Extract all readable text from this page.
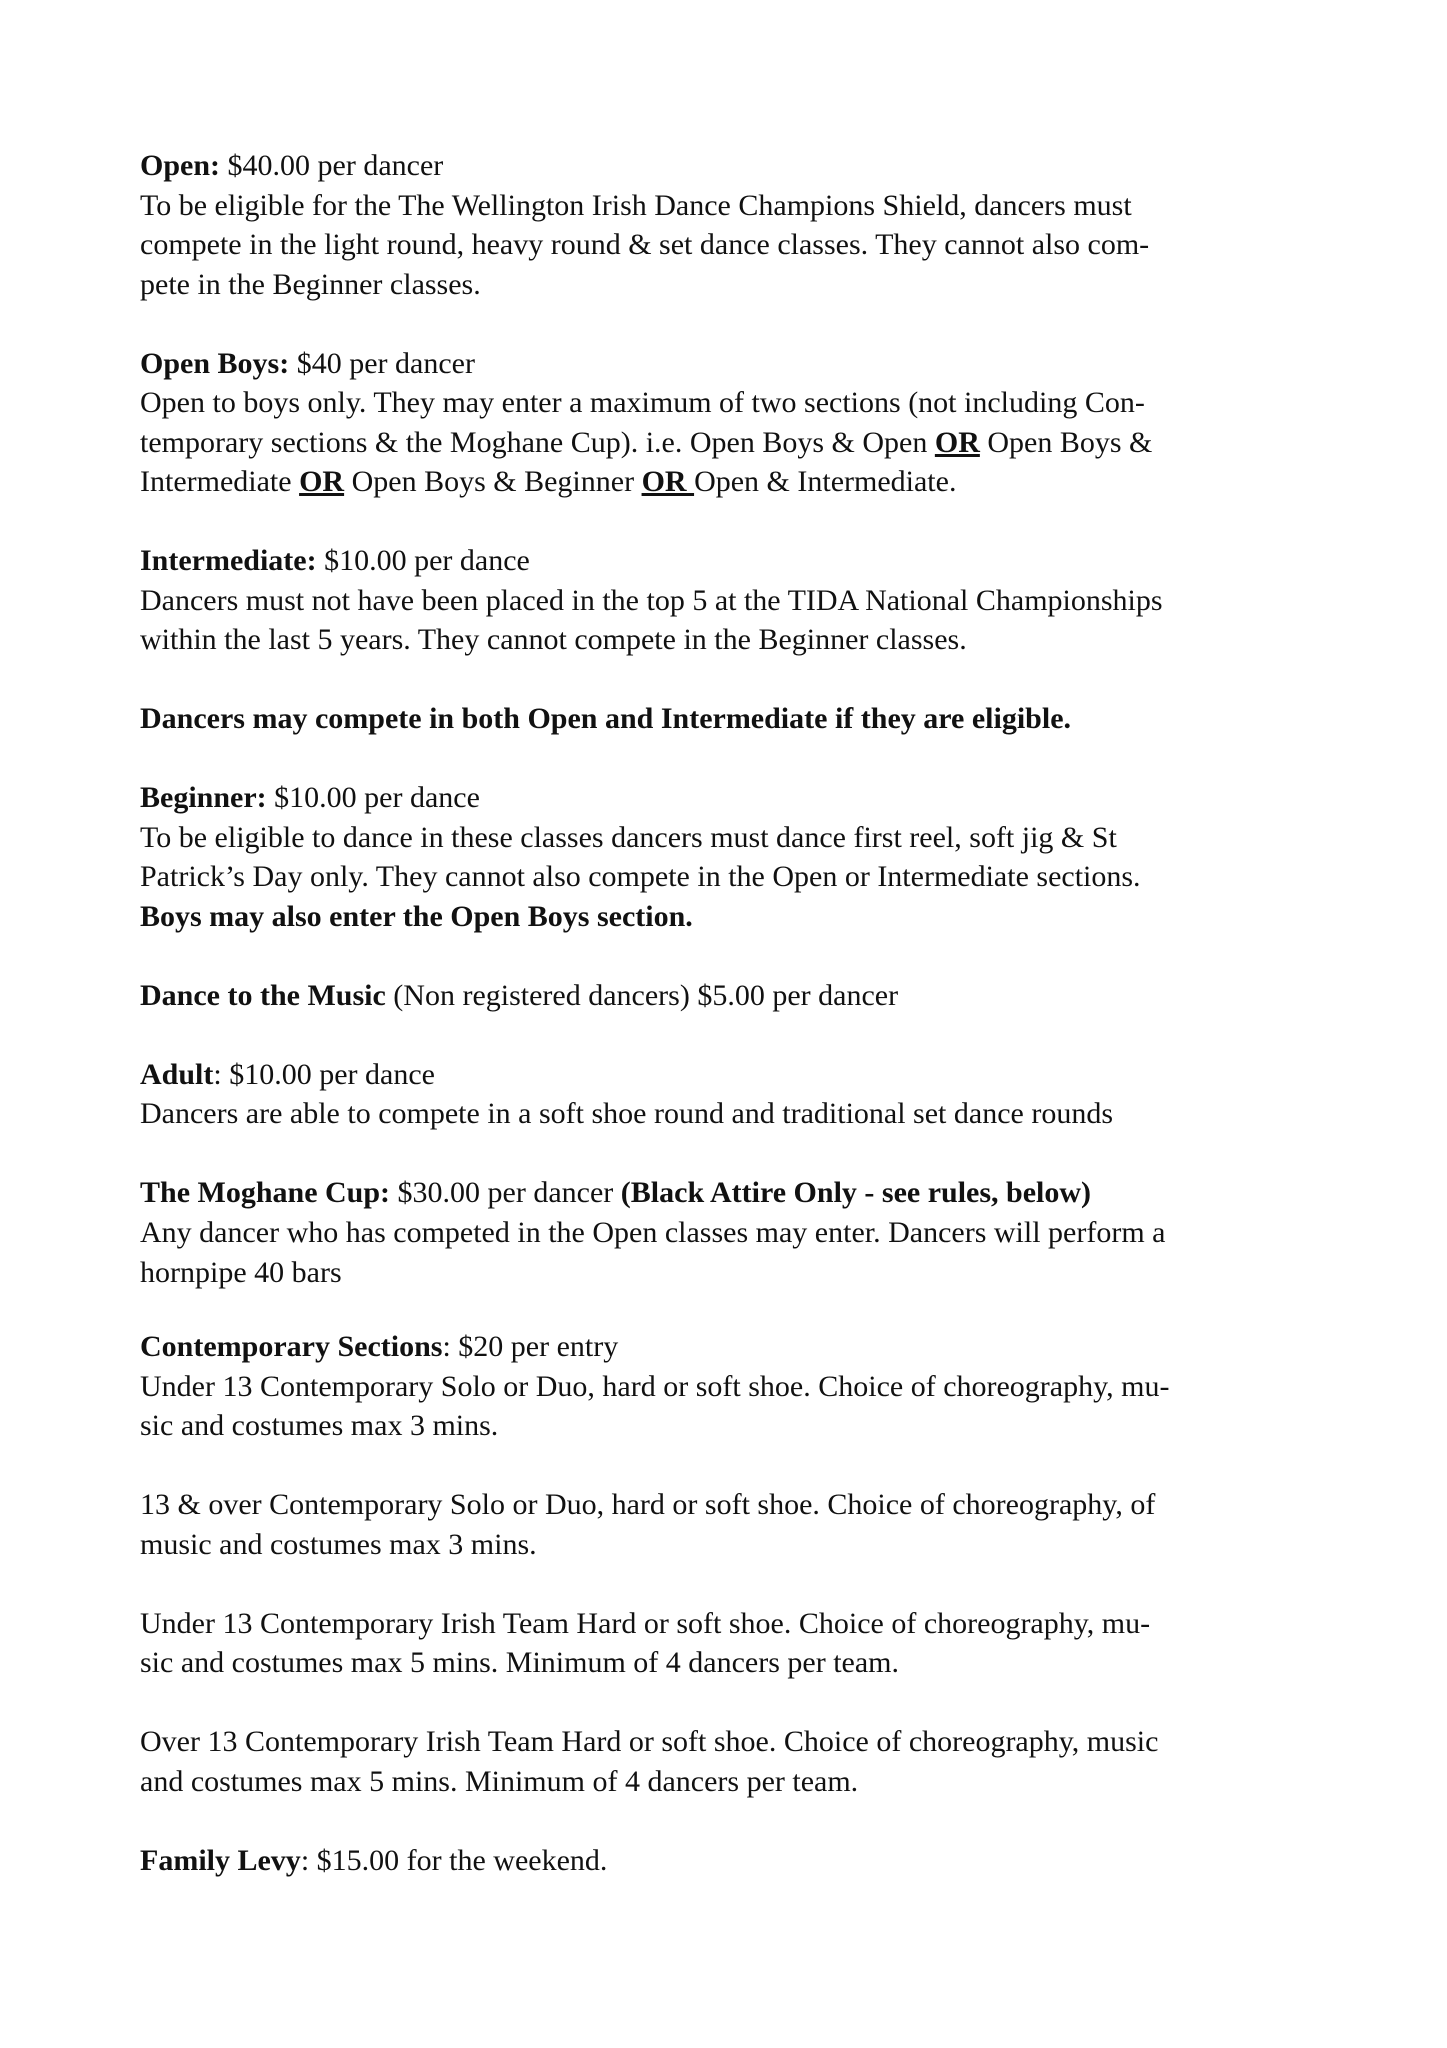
Open: $40.00 per dancer
To be eligible for the The Wellington Irish Dance Champions Shield, dancers must
compete in the light round, heavy round & set dance classes. They cannot also com-
pete in the Beginner classes.
Open Boys: $40 per dancer
Open to boys only. They may enter a maximum of two sections (not including Con-
temporary sections & the Moghane Cup). i.e. Open Boys & Open OR Open Boys &
Intermediate OR Open Boys & Beginner OR Open & Intermediate.
Intermediate: $10.00 per dance
Dancers must not have been placed in the top 5 at the TIDA National Championships
within the last 5 years. They cannot compete in the Beginner classes.
Dancers may compete in both Open and Intermediate if they are eligible.
Beginner: $10.00 per dance
To be eligible to dance in these classes dancers must dance first reel, soft jig & St
Patrick’s Day only. They cannot also compete in the Open or Intermediate sections.
Boys may also enter the Open Boys section.
Dance to the Music (Non registered dancers) $5.00 per dancer
Adult: $10.00 per dance
Dancers are able to compete in a soft shoe round and traditional set dance rounds
The Moghane Cup: $30.00 per dancer (Black Attire Only - see rules, below)
Any dancer who has competed in the Open classes may enter. Dancers will perform a
hornpipe 40 bars
Contemporary Sections: $20 per entry
Under 13 Contemporary Solo or Duo, hard or soft shoe. Choice of choreography, mu-
sic and costumes max 3 mins.
13 & over Contemporary Solo or Duo, hard or soft shoe. Choice of choreography, of
music and costumes max 3 mins.
Under 13 Contemporary Irish Team Hard or soft shoe. Choice of choreography, mu-
sic and costumes max 5 mins. Minimum of 4 dancers per team.
Over 13 Contemporary Irish Team Hard or soft shoe. Choice of choreography, music
and costumes max 5 mins. Minimum of 4 dancers per team.
Family Levy: $15.00 for the weekend.
